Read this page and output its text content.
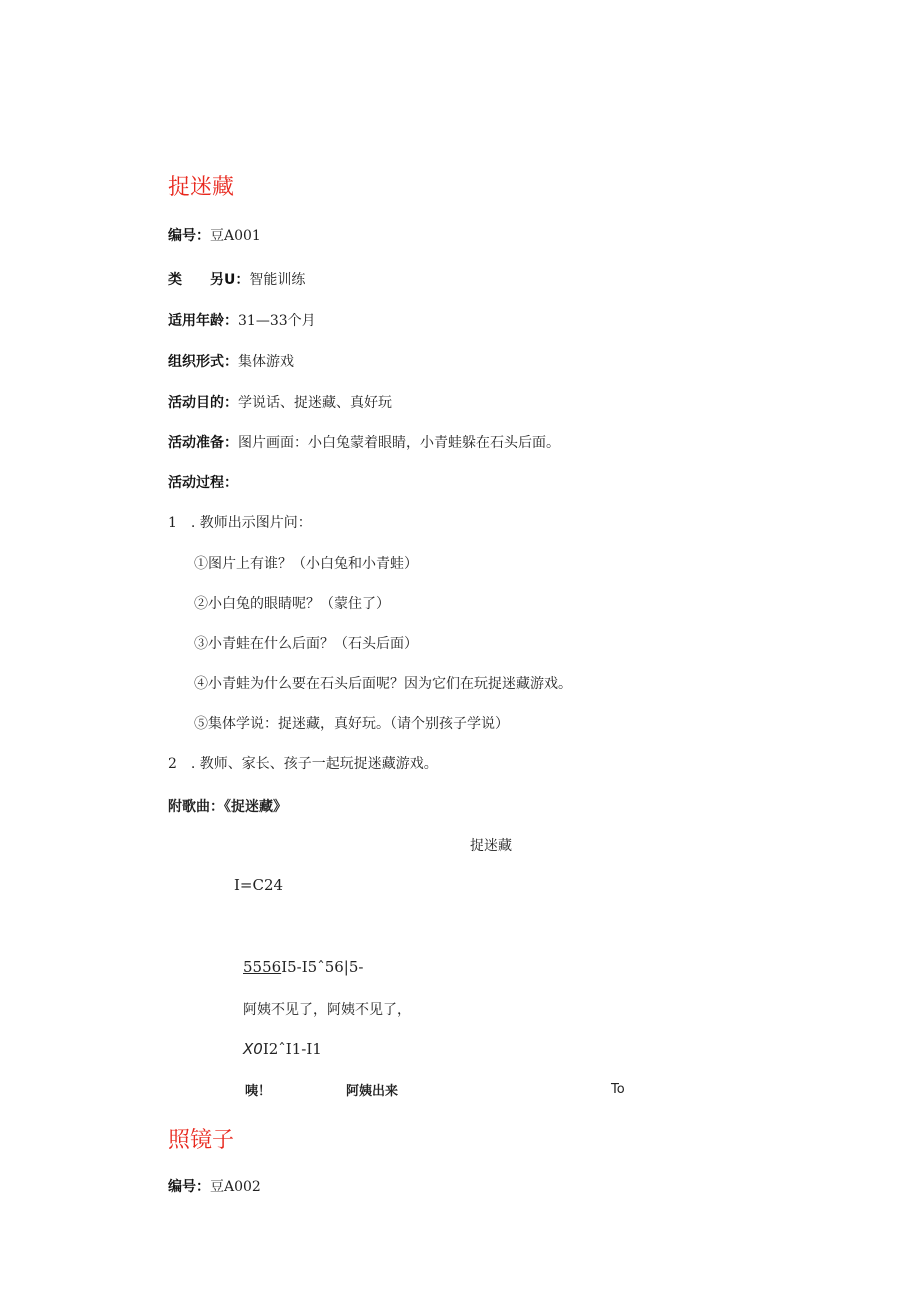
捉迷藏
编号：豆A001
类　　另U：智能训练
适用年龄：31—33个月
组织形式：集体游戏
活动目的：学说话、捉迷藏、真好玩
活动准备：图片画面：小白兔蒙着眼睛，小青蛙躲在石头后面。
活动过程：
1　. 教师出示图片问：
①图片上有谁？（小白兔和小青蛙）
②小白兔的眼睛呢？（蒙住了）
③小青蛙在什么后面？（石头后面）
④小青蛙为什么要在石头后面呢？因为它们在玩捉迷藏游戏。
⑤集体学说：捉迷藏，真好玩。（请个别孩子学说）
2　. 教师、家长、孩子一起玩捉迷藏游戏。
附歌曲：《捉迷藏》
捉迷藏
I=C24
5556I5-I5ˆ56|5-
阿姨不见了，阿姨不见了，
X0I2ˆI1-I1
咦！	阿姨出来	To
照镜子
编号：豆A002
